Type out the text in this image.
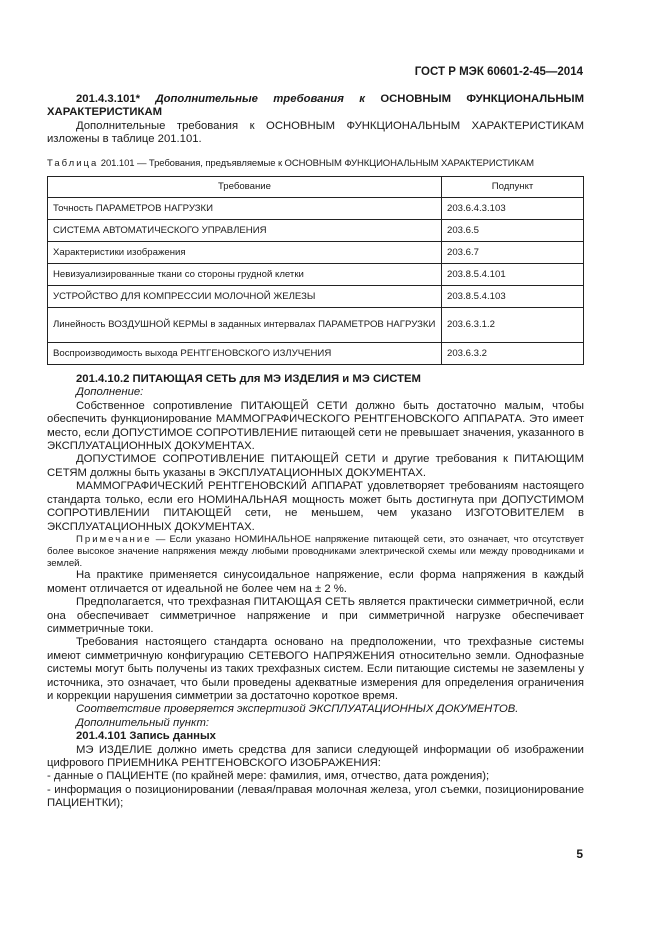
ГОСТ Р МЭК 60601-2-45—2014
201.4.3.101* Дополнительные требования к ОСНОВНЫМ ФУНКЦИОНАЛЬНЫМ

ХАРАКТЕРИСТИКАМ

Дополнительные требования к ОСНОВНЫМ ФУНКЦИОНАЛЬНЫМ ХАРАКТЕРИСТИКАМ изложены в таблице 201.101.

Таблица 201.101 — Требования, предъявляемые к ОСНОВНЫМ ФУНКЦИОНАЛЬНЫМ ХАРАКТЕРИСТИКАМ
Требование	Подпункт
Точность ПАРАМЕТРОВ НАГРУЗКИ	203.6.4.3.103
СИСТЕМА АВТОМАТИЧЕСКОГО УПРАВЛЕНИЯ	203.6.5
Характеристики изображения	203.6.7
Невизуализированные ткани со стороны грудной клетки	203.8.5.4.101
УСТРОЙСТВО ДЛЯ КОМПРЕССИИ МОЛОЧНОЙ ЖЕЛЕЗЫ	203.8.5.4.103
Линейность ВОЗДУШНОЙ КЕРМЫ в заданных интервалах ПАРАМЕТРОВ НАГРУЗКИ	203.6.3.1.2
Воспроизводимость выхода РЕНТГЕНОВСКОГО ИЗЛУЧЕНИЯ	203.6.3.2

201.4.10.2 ПИТАЮЩАЯ СЕТЬ для МЭ ИЗДЕЛИЯ и МЭ СИСТЕМ

Дополнение:

Собственное сопротивление ПИТАЮЩЕЙ СЕТИ должно быть достаточно малым, чтобы обеспечить функционирование МАММОГРАФИЧЕСКОГО РЕНТГЕНОВСКОГО АППАРАТА. Это имеет место, если ДОПУСТИМОЕ СОПРОТИВЛЕНИЕ питающей сети не превышает значения, указанного в ЭКСПЛУАТАЦИОННЫХ ДОКУМЕНТАХ.

ДОПУСТИМОЕ СОПРОТИВЛЕНИЕ ПИТАЮЩЕЙ СЕТИ и другие требования к ПИТАЮЩИМ СЕТЯМ должны быть указаны в ЭКСПЛУАТАЦИОННЫХ ДОКУМЕНТАХ.

МАММОГРАФИЧЕСКИЙ РЕНТГЕНОВСКИЙ АППАРАТ удовлетворяет требованиям настоящего стандарта только, если его НОМИНАЛЬНАЯ мощность может быть достигнута при ДОПУСТИМОМ СОПРОТИВЛЕНИИ ПИТАЮЩЕЙ сети, не меньшем, чем указано ИЗГОТОВИТЕЛЕМ в ЭКСПЛУАТАЦИОННЫХ ДОКУМЕНТАХ.

Примечание — Если указано НОМИНАЛЬНОЕ напряжение питающей сети, это означает, что отсутствует более высокое значение напряжения между любыми проводниками электрической схемы или между проводниками и землей.

На практике применяется синусоидальное напряжение, если форма напряжения в каждый момент отличается от идеальной не более чем на ± 2 %.

Предполагается, что трехфазная ПИТАЮЩАЯ СЕТЬ является практически симметричной, если она обеспечивает симметричное напряжение и при симметричной нагрузке обеспечивает симметричные токи.

Требования настоящего стандарта основано на предположении, что трехфазные системы имеют симметричную конфигурацию СЕТЕВОГО НАПРЯЖЕНИЯ относительно земли. Однофазные системы могут быть получены из таких трехфазных систем. Если питающие системы не заземлены у источника, это означает, что были проведены адекватные измерения для определения ограничения и коррекции нарушения симметрии за достаточно короткое время.

Соответствие проверяется экспертизой ЭКСПЛУАТАЦИОННЫХ ДОКУМЕНТОВ.

Дополнительный пункт:

201.4.101 Запись данных

МЭ ИЗДЕЛИЕ должно иметь средства для записи следующей информации об изображении цифрового ПРИЕМНИКА РЕНТГЕНОВСКОГО ИЗОБРАЖЕНИЯ:

- данные о ПАЦИЕНТЕ (по крайней мере: фамилия, имя, отчество, дата рождения);

- информация о позиционировании (левая/правая молочная железа, угол съемки, позиционирование ПАЦИЕНТКИ);

5
